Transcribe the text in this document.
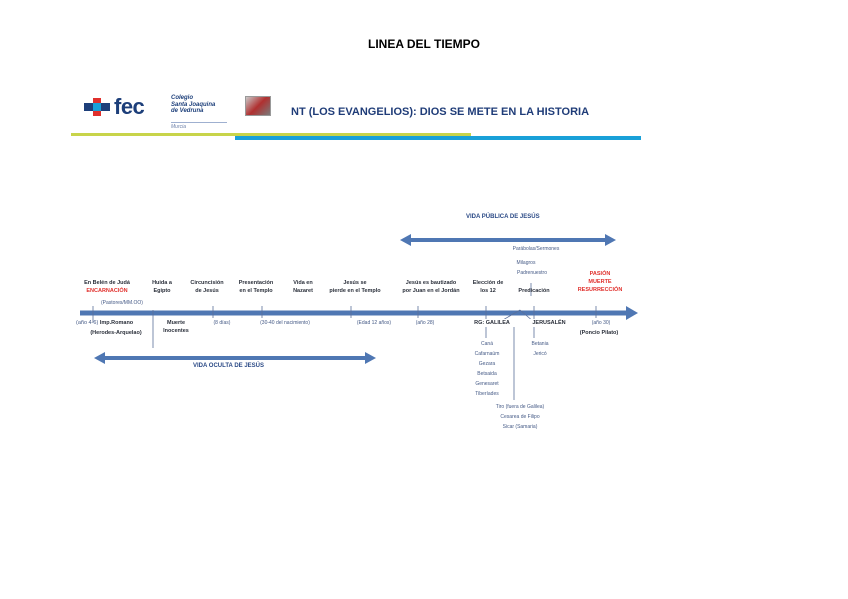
LINEA DEL TIEMPO
fec	Colegio
Santa Joaquina
de Vedruna
Murcia
NT (LOS EVANGELIOS): DIOS SE METE EN LA HISTORIA
VIDA PÚBLICA DE JESÚS
VIDA OCULTA DE JESÚS
Parábolas/Sermones
Milagros
Padrenuestro
En Belén de Judá
ENCARNACIÓN
(Pastores/MM.OO)
Huida a
Egipto
Circuncisión
de Jesús
Presentación
en el Templo
Vida en
Nazaret
Jesús se
pierde en el Templo
Jesús es bautizado
por Juan en el Jordán
Elección de
los 12	Predicación
PASIÓN
MUERTE
RESURRECCIÓN
(año 4-6) Imp.Romano
(Herodes-Arquelao)
Muerte
Inocentes
(8 días)	(30-40 del nacimiento)	(Edad 12 años)	(año 28)	RG: GALILEA	JERUSALÉN	(año 30)
(Poncio Pilato)
Caná
Cafarnaúm
Gezara
Betsaida
Genesaret
Tiberíades
Betania
Jericó
Tiro (fuera de Galilea)
Cesarea de Filipo
Sicar (Samaria)
